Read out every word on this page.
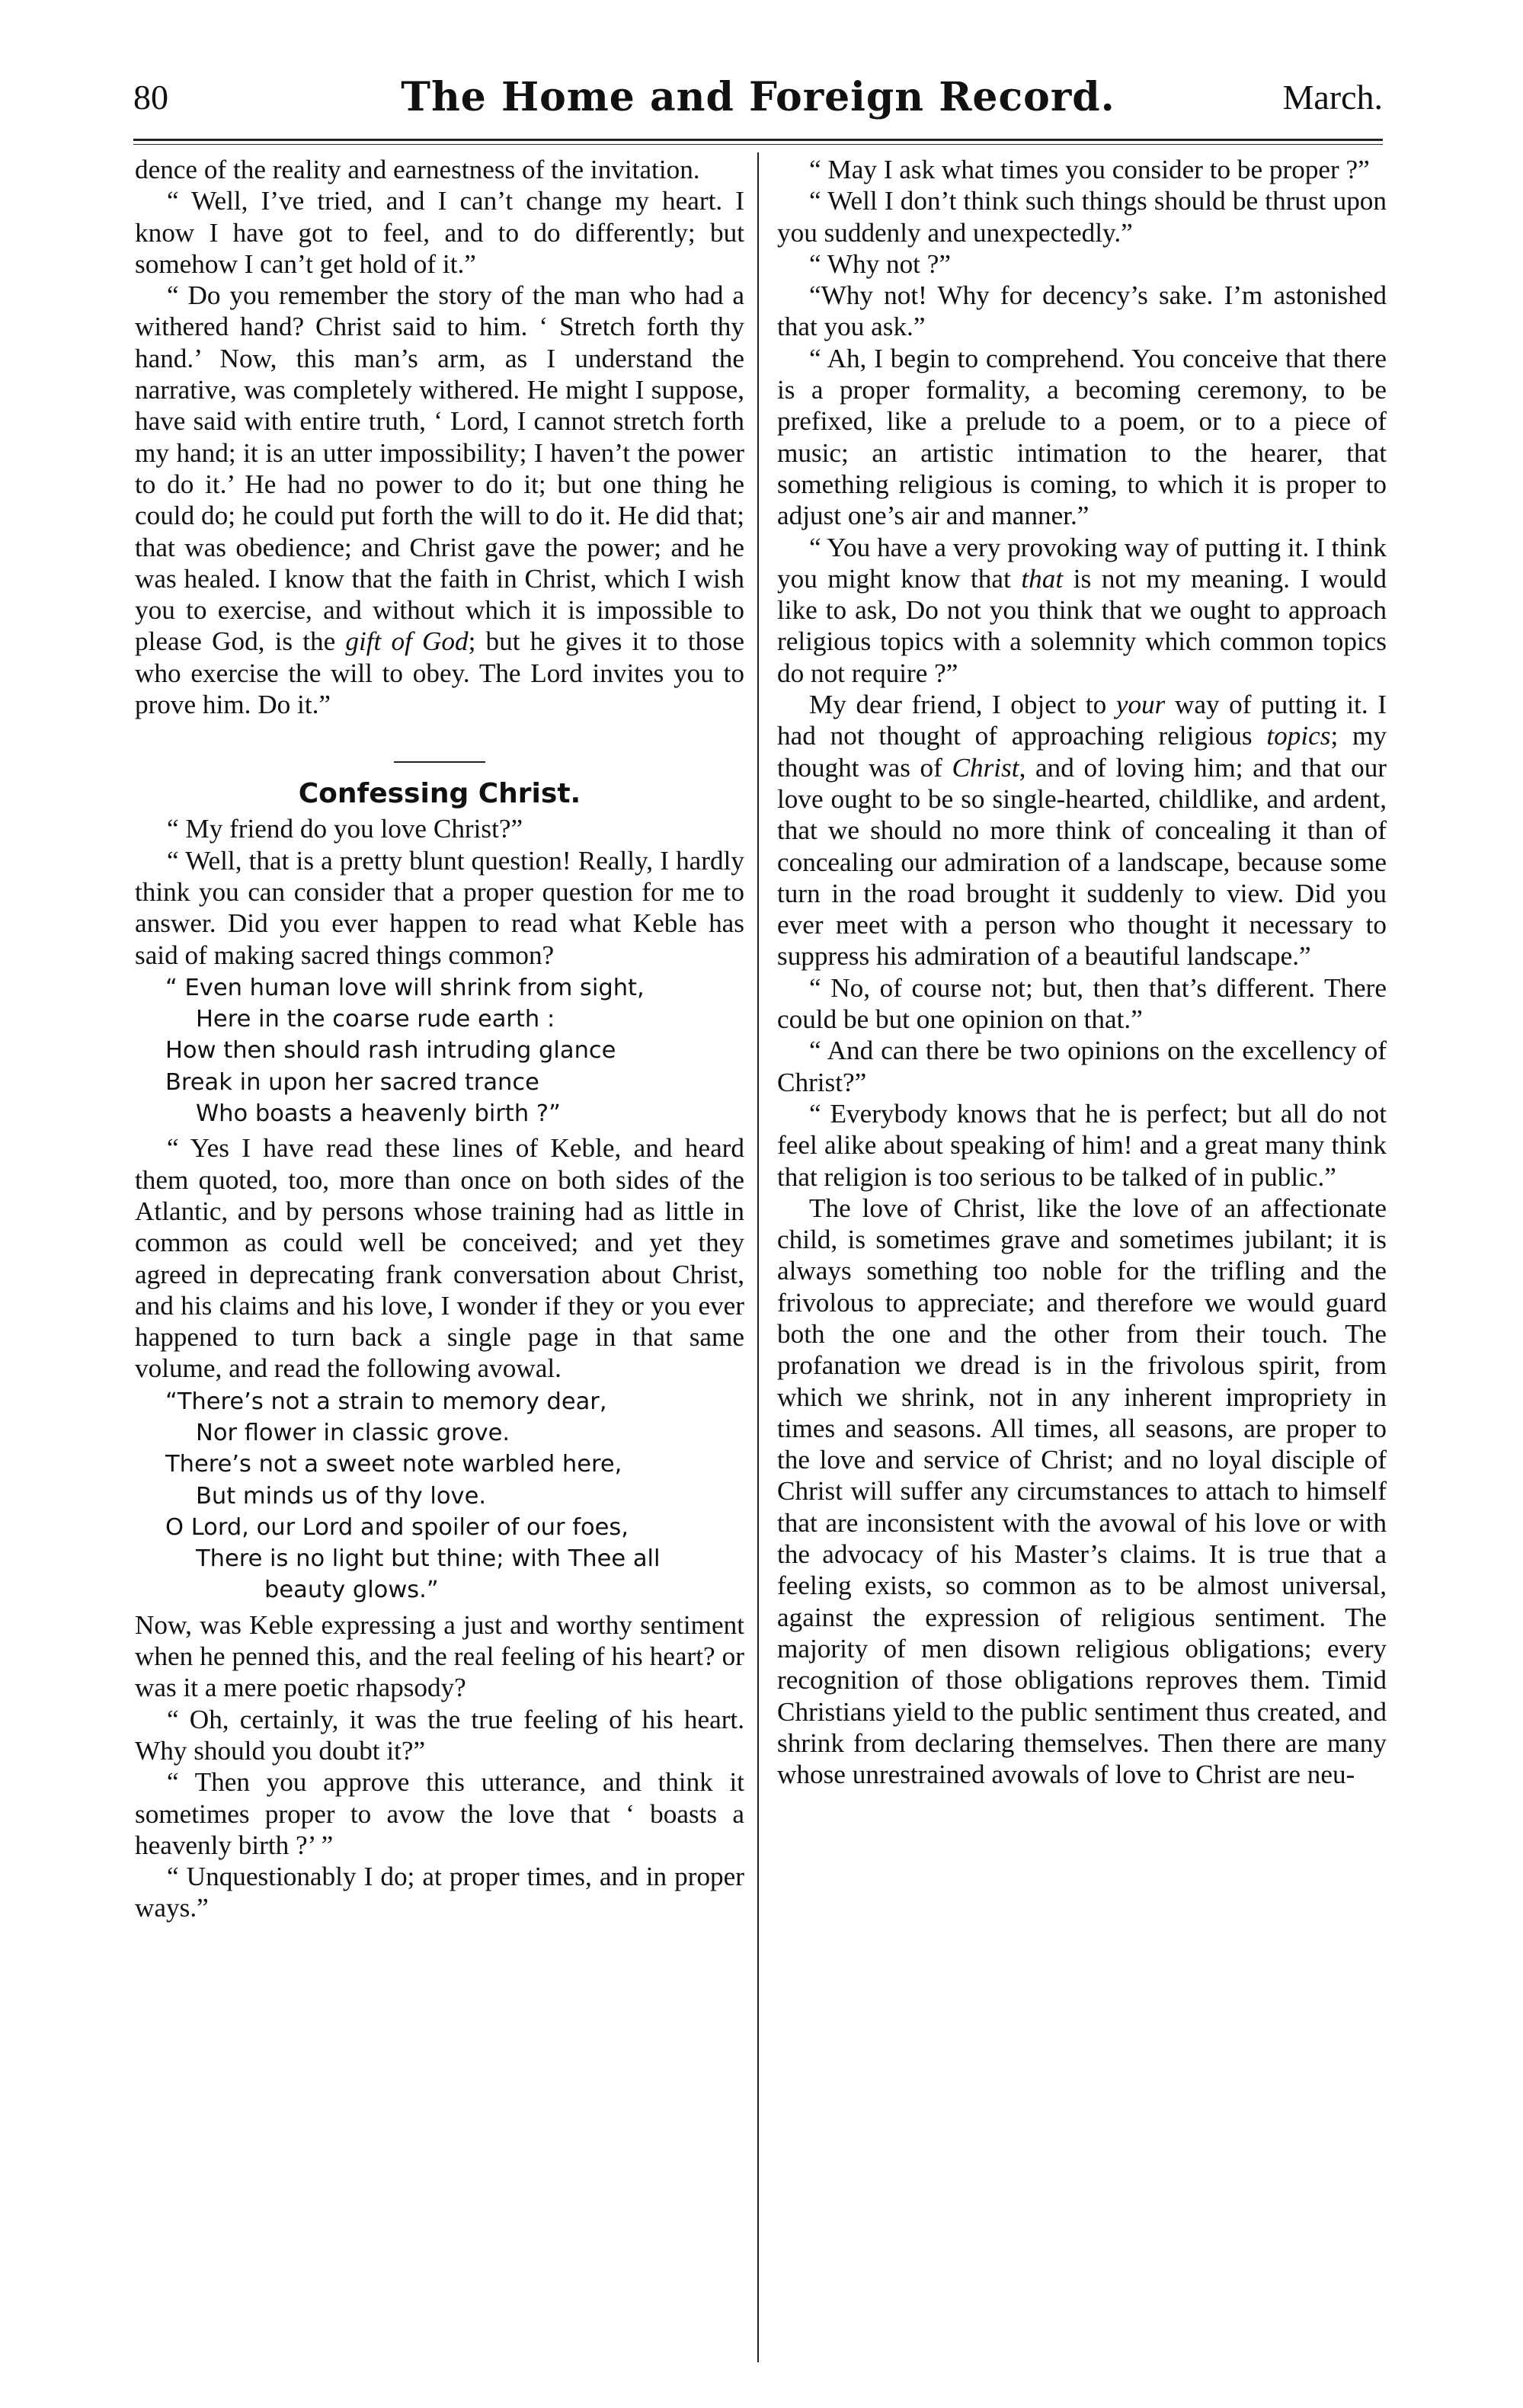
80	The Home and Foreign Record.	March.

dence of the reality and earnestness of the invitation.

“ Well, I’ve tried, and I can’t change my heart. I know I have got to feel, and to do differently; but somehow I can’t get hold of it.”

“ Do you remember the story of the man who had a withered hand? Christ said to him. ‘ Stretch forth thy hand.’ Now, this man’s arm, as I understand the narrative, was completely withered. He might I suppose, have said with entire truth, ‘ Lord, I cannot stretch forth my hand; it is an utter impossibility; I haven’t the power to do it.’ He had no power to do it; but one thing he could do; he could put forth the will to do it. He did that; that was obedience; and Christ gave the power; and he was healed. I know that the faith in Christ, which I wish you to exercise, and without which it is impossible to please God, is the gift of God; but he gives it to those who exercise the will to obey. The Lord invites you to prove him. Do it.”

Confessing Christ.

“ My friend do you love Christ?”

“ Well, that is a pretty blunt question! Really, I hardly think you can consider that a proper question for me to answer. Did you ever happen to read what Keble has said of making sacred things common?

“ Even human love will shrink from sight,
Here in the coarse rude earth :
How then should rash intruding glance
Break in upon her sacred trance
Who boasts a heavenly birth ?”

“ Yes I have read these lines of Keble, and heard them quoted, too, more than once on both sides of the Atlantic, and by persons whose training had as little in common as could well be conceived; and yet they agreed in deprecating frank conversation about Christ, and his claims and his love, I wonder if they or you ever happened to turn back a single page in that same volume, and read the following avowal.

“There’s not a strain to memory dear,
Nor flower in classic grove.
There’s not a sweet note warbled here,
But minds us of thy love.
O Lord, our Lord and spoiler of our foes,
There is no light but thine; with Thee all
beauty glows.”

Now, was Keble expressing a just and worthy sentiment when he penned this, and the real feeling of his heart? or was it a mere poetic rhapsody?

“ Oh, certainly, it was the true feeling of his heart. Why should you doubt it?”

“ Then you approve this utterance, and think it sometimes proper to avow the love that ‘ boasts a heavenly birth ?’ ”

“ Unquestionably I do; at proper times, and in proper ways.”

“ May I ask what times you consider to be proper ?”

“ Well I don’t think such things should be thrust upon you suddenly and unexpectedly.”

“ Why not ?”

“Why not! Why for decency’s sake. I’m astonished that you ask.”

“ Ah, I begin to comprehend. You conceive that there is a proper formality, a becoming ceremony, to be prefixed, like a prelude to a poem, or to a piece of music; an artistic intimation to the hearer, that something religious is coming, to which it is proper to adjust one’s air and manner.”

“ You have a very provoking way of putting it. I think you might know that that is not my meaning. I would like to ask, Do not you think that we ought to approach religious topics with a solemnity which common topics do not require ?”

My dear friend, I object to your way of putting it. I had not thought of approaching religious topics; my thought was of Christ, and of loving him; and that our love ought to be so single-hearted, childlike, and ardent, that we should no more think of concealing it than of concealing our admiration of a landscape, because some turn in the road brought it suddenly to view. Did you ever meet with a person who thought it necessary to suppress his admiration of a beautiful landscape.”

“ No, of course not; but, then that’s different. There could be but one opinion on that.”

“ And can there be two opinions on the excellency of Christ?”

“ Everybody knows that he is perfect; but all do not feel alike about speaking of him! and a great many think that religion is too serious to be talked of in public.”

The love of Christ, like the love of an affectionate child, is sometimes grave and sometimes jubilant; it is always something too noble for the trifling and the frivolous to appreciate; and therefore we would guard both the one and the other from their touch. The profanation we dread is in the frivolous spirit, from which we shrink, not in any inherent impropriety in times and seasons. All times, all seasons, are proper to the love and service of Christ; and no loyal disciple of Christ will suffer any circumstances to attach to himself that are inconsistent with the avowal of his love or with the advocacy of his Master’s claims. It is true that a feeling exists, so common as to be almost universal, against the expression of religious sentiment. The majority of men disown religious obligations; every recognition of those obligations reproves them. Timid Christians yield to the public sentiment thus created, and shrink from declaring themselves. Then there are many whose unrestrained avowals of love to Christ are neu-
